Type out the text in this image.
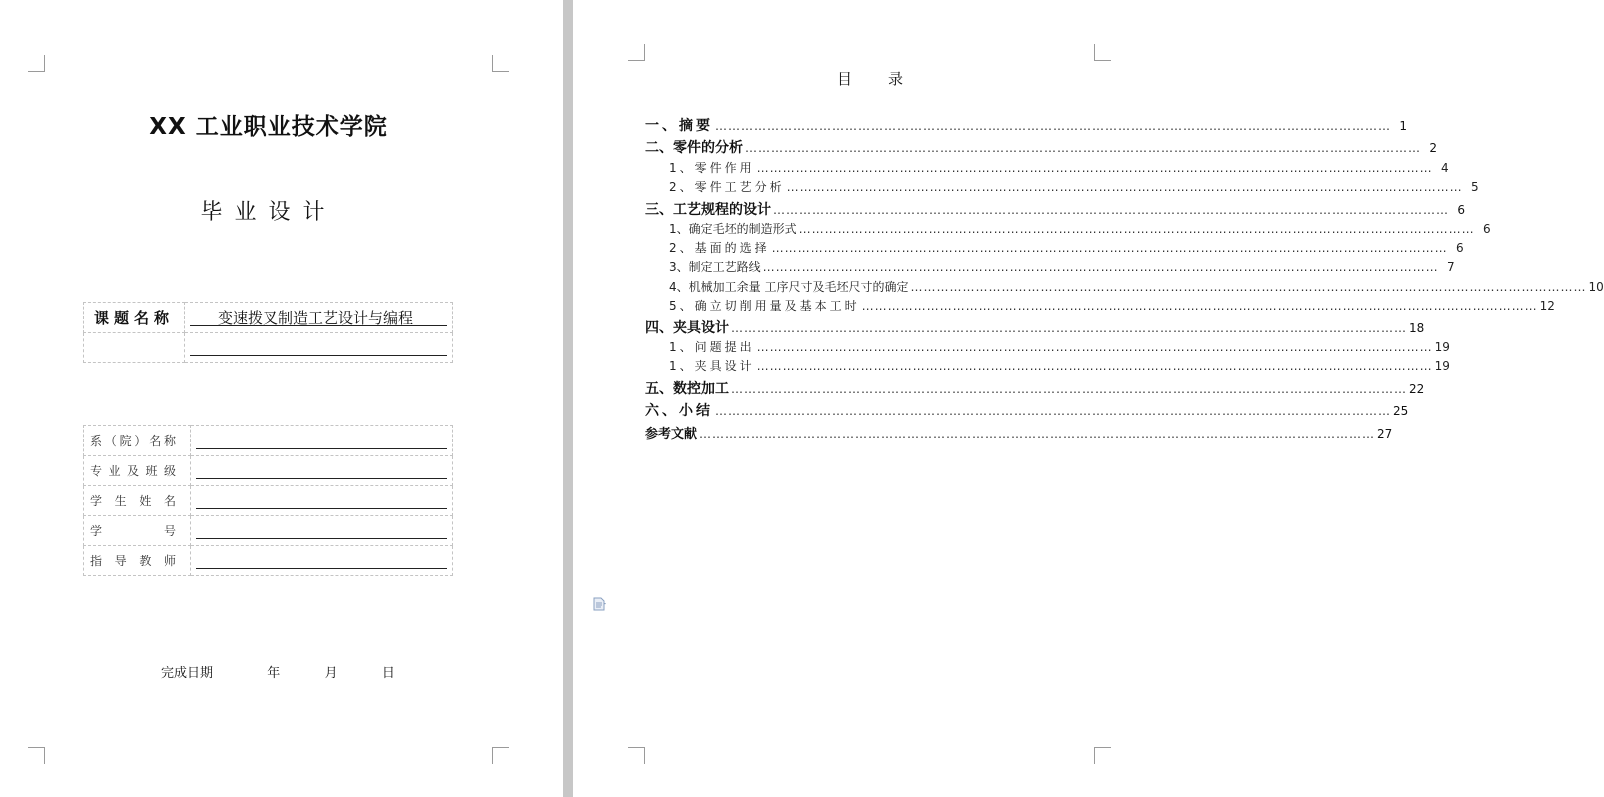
XX 工业职业技术学院
毕业设计
课题名称	变速拨叉制造工艺设计与编程

系（院）名称	

专业及班级	

学生姓名	

学号	

指导教师	

完成日期	年	月	日
目 录
一、摘要 ………………………………………………………………………………………………………………………………………… 1
二、零件的分析 ………………………………………………………………………………………………………………………………………… 2
1、零件作用 ………………………………………………………………………………………………………………………………………… 4
2、零件工艺分析 ………………………………………………………………………………………………………………………………………… 5
三、工艺规程的设计 ………………………………………………………………………………………………………………………………………… 6
1、确定毛坯的制造形式 ………………………………………………………………………………………………………………………………………… 6
2、基面的选择 ………………………………………………………………………………………………………………………………………… 6
3、制定工艺路线 ………………………………………………………………………………………………………………………………………… 7
4、机械加工余量 工序尺寸及毛坯尺寸的确定 ………………………………………………………………………………………………………………………………………… 10
5、确立切削用量及基本工时 ………………………………………………………………………………………………………………………………………… 12
四、夹具设计 ………………………………………………………………………………………………………………………………………… 18
1、问题提出 ………………………………………………………………………………………………………………………………………… 19
1、夹具设计 ………………………………………………………………………………………………………………………………………… 19
五、数控加工 ………………………………………………………………………………………………………………………………………… 22
六、小结 ………………………………………………………………………………………………………………………………………… 25
参考文献 ………………………………………………………………………………………………………………………………………… 27
